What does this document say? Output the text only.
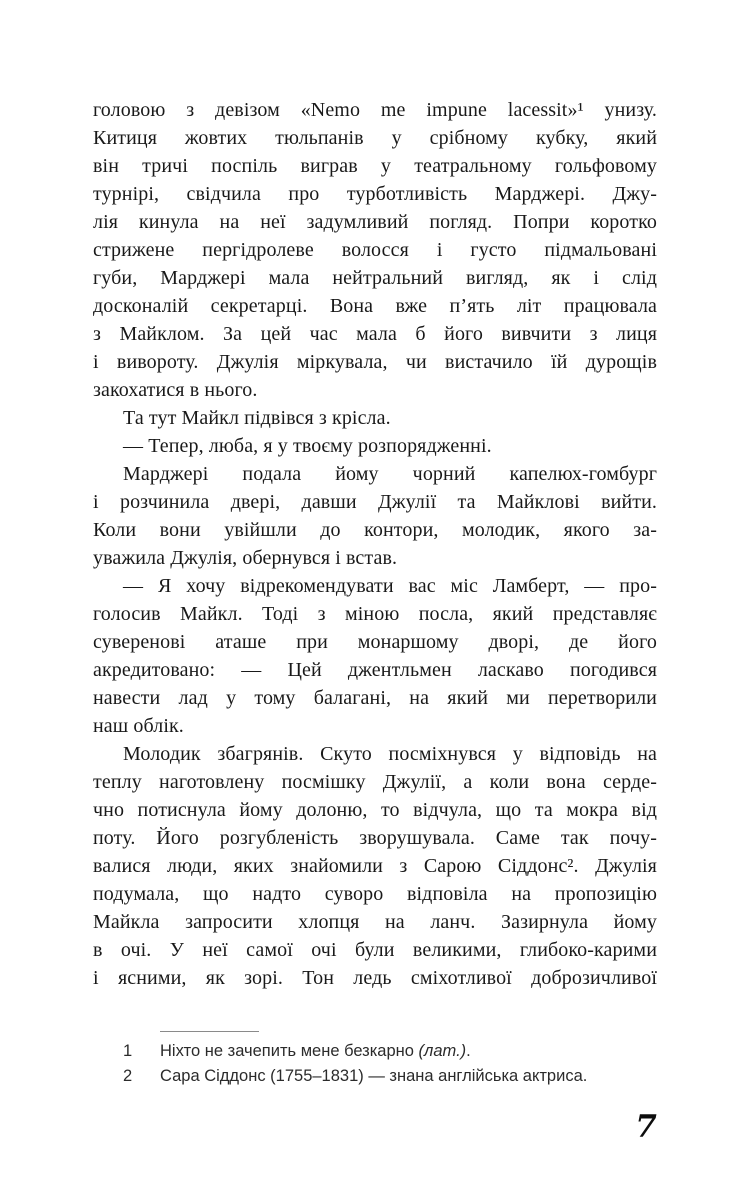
головою з девізом «Nemo me impune lacessit»¹ унизу.
Китиця жовтих тюльпанів у срібному кубку, який
він тричі поспіль виграв у театральному гольфовому
турнірі, свідчила про турботливість Марджері. Джу-
лія кинула на неї задумливий погляд. Попри коротко
стрижене пергідролеве волосся і густо підмальовані
губи, Марджері мала нейтральний вигляд, як і слід
досконалій секретарці. Вона вже п’ять літ працювала
з Майклом. За цей час мала б його вивчити з лиця
і вивороту. Джулія міркувала, чи вистачило їй дурощів
закохатися в нього.
Та тут Майкл підвівся з крісла.
— Тепер, люба, я у твоєму розпорядженні.
Марджері подала йому чорний капелюх-гомбург
і розчинила двері, давши Джулії та Майклові вийти.
Коли вони увійшли до контори, молодик, якого за-
уважила Джулія, обернувся і встав.
— Я хочу відрекомендувати вас міс Ламберт, — про-
голосив Майкл. Тоді з міною посла, який представляє
суверенові аташе при монаршому дворі, де його
акредитовано: — Цей джентльмен ласкаво погодився
навести лад у тому балагані, на який ми перетворили
наш облік.
Молодик збагрянів. Скуто посміхнувся у відповідь на
теплу наготовлену посмішку Джулії, а коли вона серде-
чно потиснула йому долоню, то відчула, що та мокра від
поту. Його розгубленість зворушувала. Саме так почу-
валися люди, яких знайомили з Сарою Сіддонс². Джулія
подумала, що надто суворо відповіла на пропозицію
Майкла запросити хлопця на ланч. Зазирнула йому
в очі. У неї самої очі були великими, глибоко-карими
і ясними, як зорі. Тон ледь сміхотливої доброзичливої
1	Ніхто не зачепить мене безкарно (лат.).
2	Сара Сіддонс (1755–1831) — знана англійська актриса.
7
